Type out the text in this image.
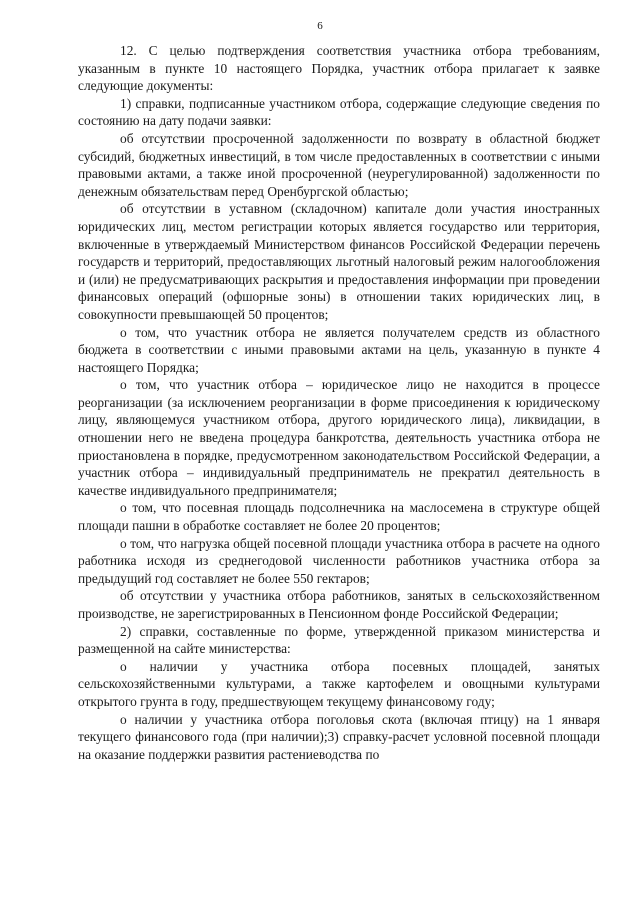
6

12. С целью подтверждения соответствия участника отбора требованиям, указанным в пункте 10 настоящего Порядка, участник отбора прилагает к заявке следующие документы:

1) справки, подписанные участником отбора, содержащие следующие сведения по состоянию на дату подачи заявки:

об отсутствии просроченной задолженности по возврату в областной бюджет субсидий, бюджетных инвестиций, в том числе предоставленных в соответствии с иными правовыми актами, а также иной просроченной (неурегулированной) задолженности по денежным обязательствам перед Оренбургской областью;

об отсутствии в уставном (складочном) капитале доли участия иностранных юридических лиц, местом регистрации которых является государство или территория, включенные в утверждаемый Министерством финансов Российской Федерации перечень государств и территорий, предоставляющих льготный налоговый режим налогообложения и (или) не предусматривающих раскрытия и предоставления информации при проведении финансовых операций (офшорные зоны) в отношении таких юридических лиц, в совокупности превышающей 50 процентов;

о том, что участник отбора не является получателем средств из областного бюджета в соответствии с иными правовыми актами на цель, указанную в пункте 4 настоящего Порядка;

о том, что участник отбора – юридическое лицо не находится в процессе реорганизации (за исключением реорганизации в форме присоединения к юридическому лицу, являющемуся участником отбора, другого юридического лица), ликвидации, в отношении него не введена процедура банкротства, деятельность участника отбора не приостановлена в порядке, предусмотренном законодательством Российской Федерации, а участник отбора – индивидуальный предприниматель не прекратил деятельность в качестве индивидуального предпринимателя;

о том, что посевная площадь подсолнечника на маслосемена в структуре общей площади пашни в обработке составляет не более 20 процентов;

о том, что нагрузка общей посевной площади участника отбора в расчете на одного работника исходя из среднегодовой численности работников участника отбора за предыдущий год составляет не более 550 гектаров;

об отсутствии у участника отбора работников, занятых в сельскохозяйственном производстве, не зарегистрированных в Пенсионном фонде Российской Федерации;

2) справки, составленные по форме, утвержденной приказом министерства и размещенной на сайте министерства:

о наличии у участника отбора посевных площадей, занятых сельскохозяйственными культурами, а также картофелем и овощными культурами открытого грунта в году, предшествующем текущему финансовому году;

о наличии у участника отбора поголовья скота (включая птицу) на 1 января текущего финансового года (при наличии);3) справку-расчет условной посевной площади на оказание поддержки развития растениеводства по
